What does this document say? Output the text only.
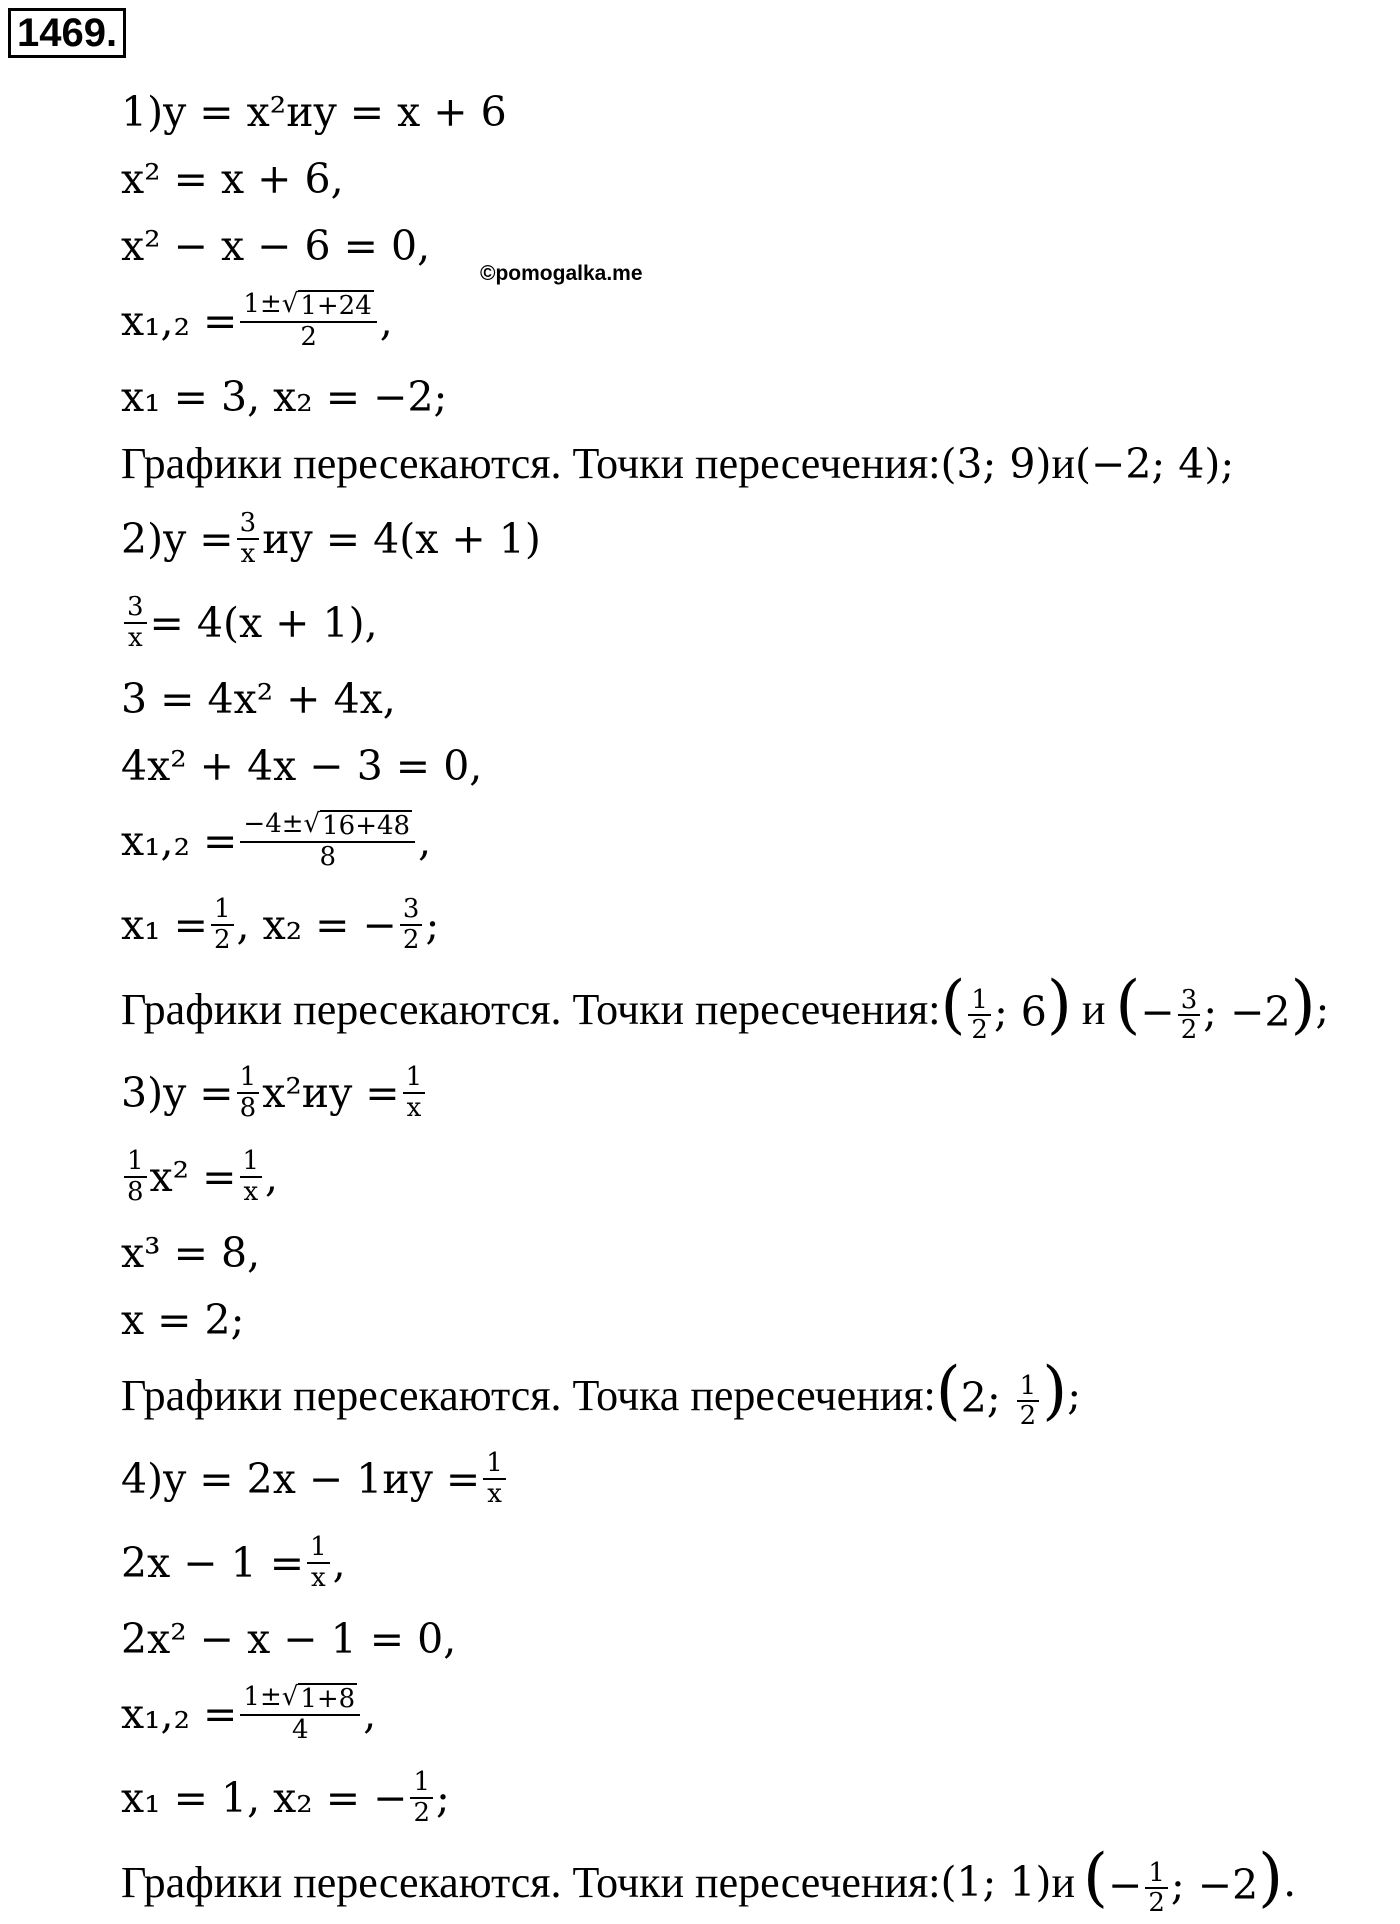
1469.
©pomogalka.me
1) y = x² и y = x + 6
x² = x + 6,
x² − x − 6 = 0,
$x_1,_2 = \frac{1\pm√ 1+24}{2}$ ,
x₁ = 3, x₂ = −2;
Графики пересекаются. Точки пересечения: (3; 9) и (−2; 4);
2) $y = \frac{3}{x}$ и y = 4(x + 1)
$\frac{3}{x} = 4(x + 1)$,
3 = 4x² + 4x,
4x² + 4x − 3 = 0,
$x_1,_2 = \frac{-4\pm√ 16+48}{8}$ ,
$x_1 = \frac{1}{2}$ , x₂ = − $\frac{3}{2}$ ;
Графики пересекаются. Точки пересечения: ( $\frac{1}{2}$ ; 6) и (− $\frac{3}{2}$ ; −2) ;
3) $y = \frac{1}{8} x^2$ и $y = \frac{1}{x}$
$\frac{1}{8} x^2 = \frac{1}{x}$ ,
x³ = 8,
x = 2;
Графики пересекаются. Точка пересечения: (2; $\frac{1}{2}$ ) ;
4) y = 2x − 1 и $y = \frac{1}{x}$
$2x - 1 = \frac{1}{x}$ ,
2x² − x − 1 = 0,
$x_1,_2 = \frac{1\pm√ 1+8}{4}$ ,
x₁ = 1, x₂ = − $\frac{1}{2}$ ;
Графики пересекаются. Точки пересечения: (1; 1) и (− $\frac{1}{2}$ ; −2) .
